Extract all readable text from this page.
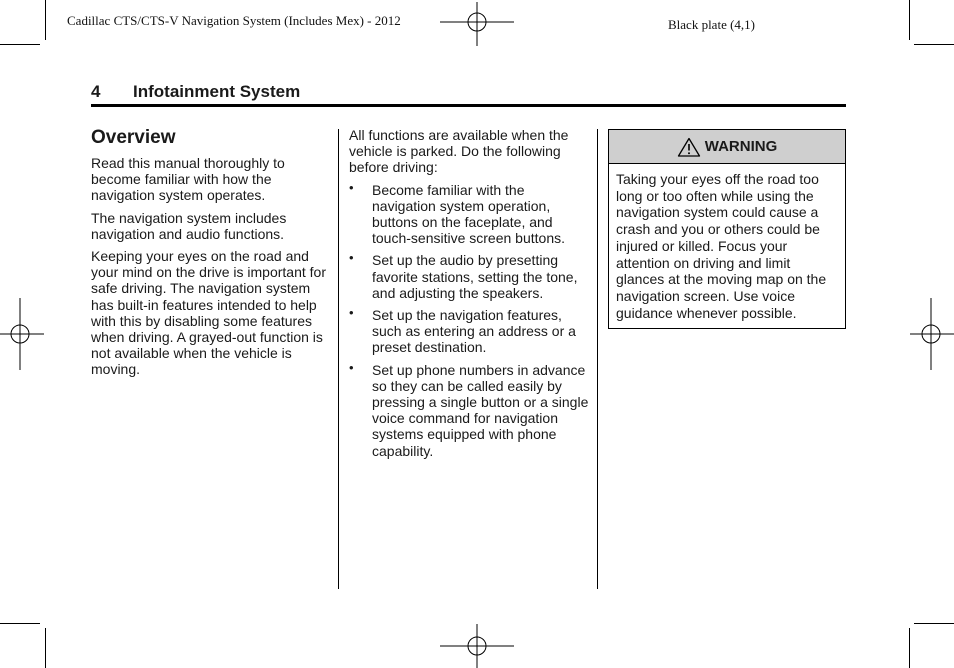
Cadillac CTS/CTS-V Navigation System (Includes Mex) - 2012	Black plate (4,1)
4 Infotainment System
Overview

Read this manual thoroughly to become familiar with how the navigation system operates.

The navigation system includes navigation and audio functions.

Keeping your eyes on the road and your mind on the drive is important for safe driving. The navigation system has built-in features intended to help with this by disabling some features when driving. A grayed-out function is not available when the vehicle is moving.

All functions are available when the vehicle is parked. Do the following before driving:

• Become familiar with the navigation system operation, buttons on the faceplate, and touch-sensitive screen buttons.
• Set up the audio by presetting favorite stations, setting the tone, and adjusting the speakers.
• Set up the navigation features, such as entering an address or a preset destination.
• Set up phone numbers in advance so they can be called easily by pressing a single button or a single voice command for navigation systems equipped with phone capability.
WARNING
Taking your eyes off the road too long or too often while using the navigation system could cause a crash and you or others could be injured or killed. Focus your attention on driving and limit glances at the moving map on the navigation screen. Use voice guidance whenever possible.
